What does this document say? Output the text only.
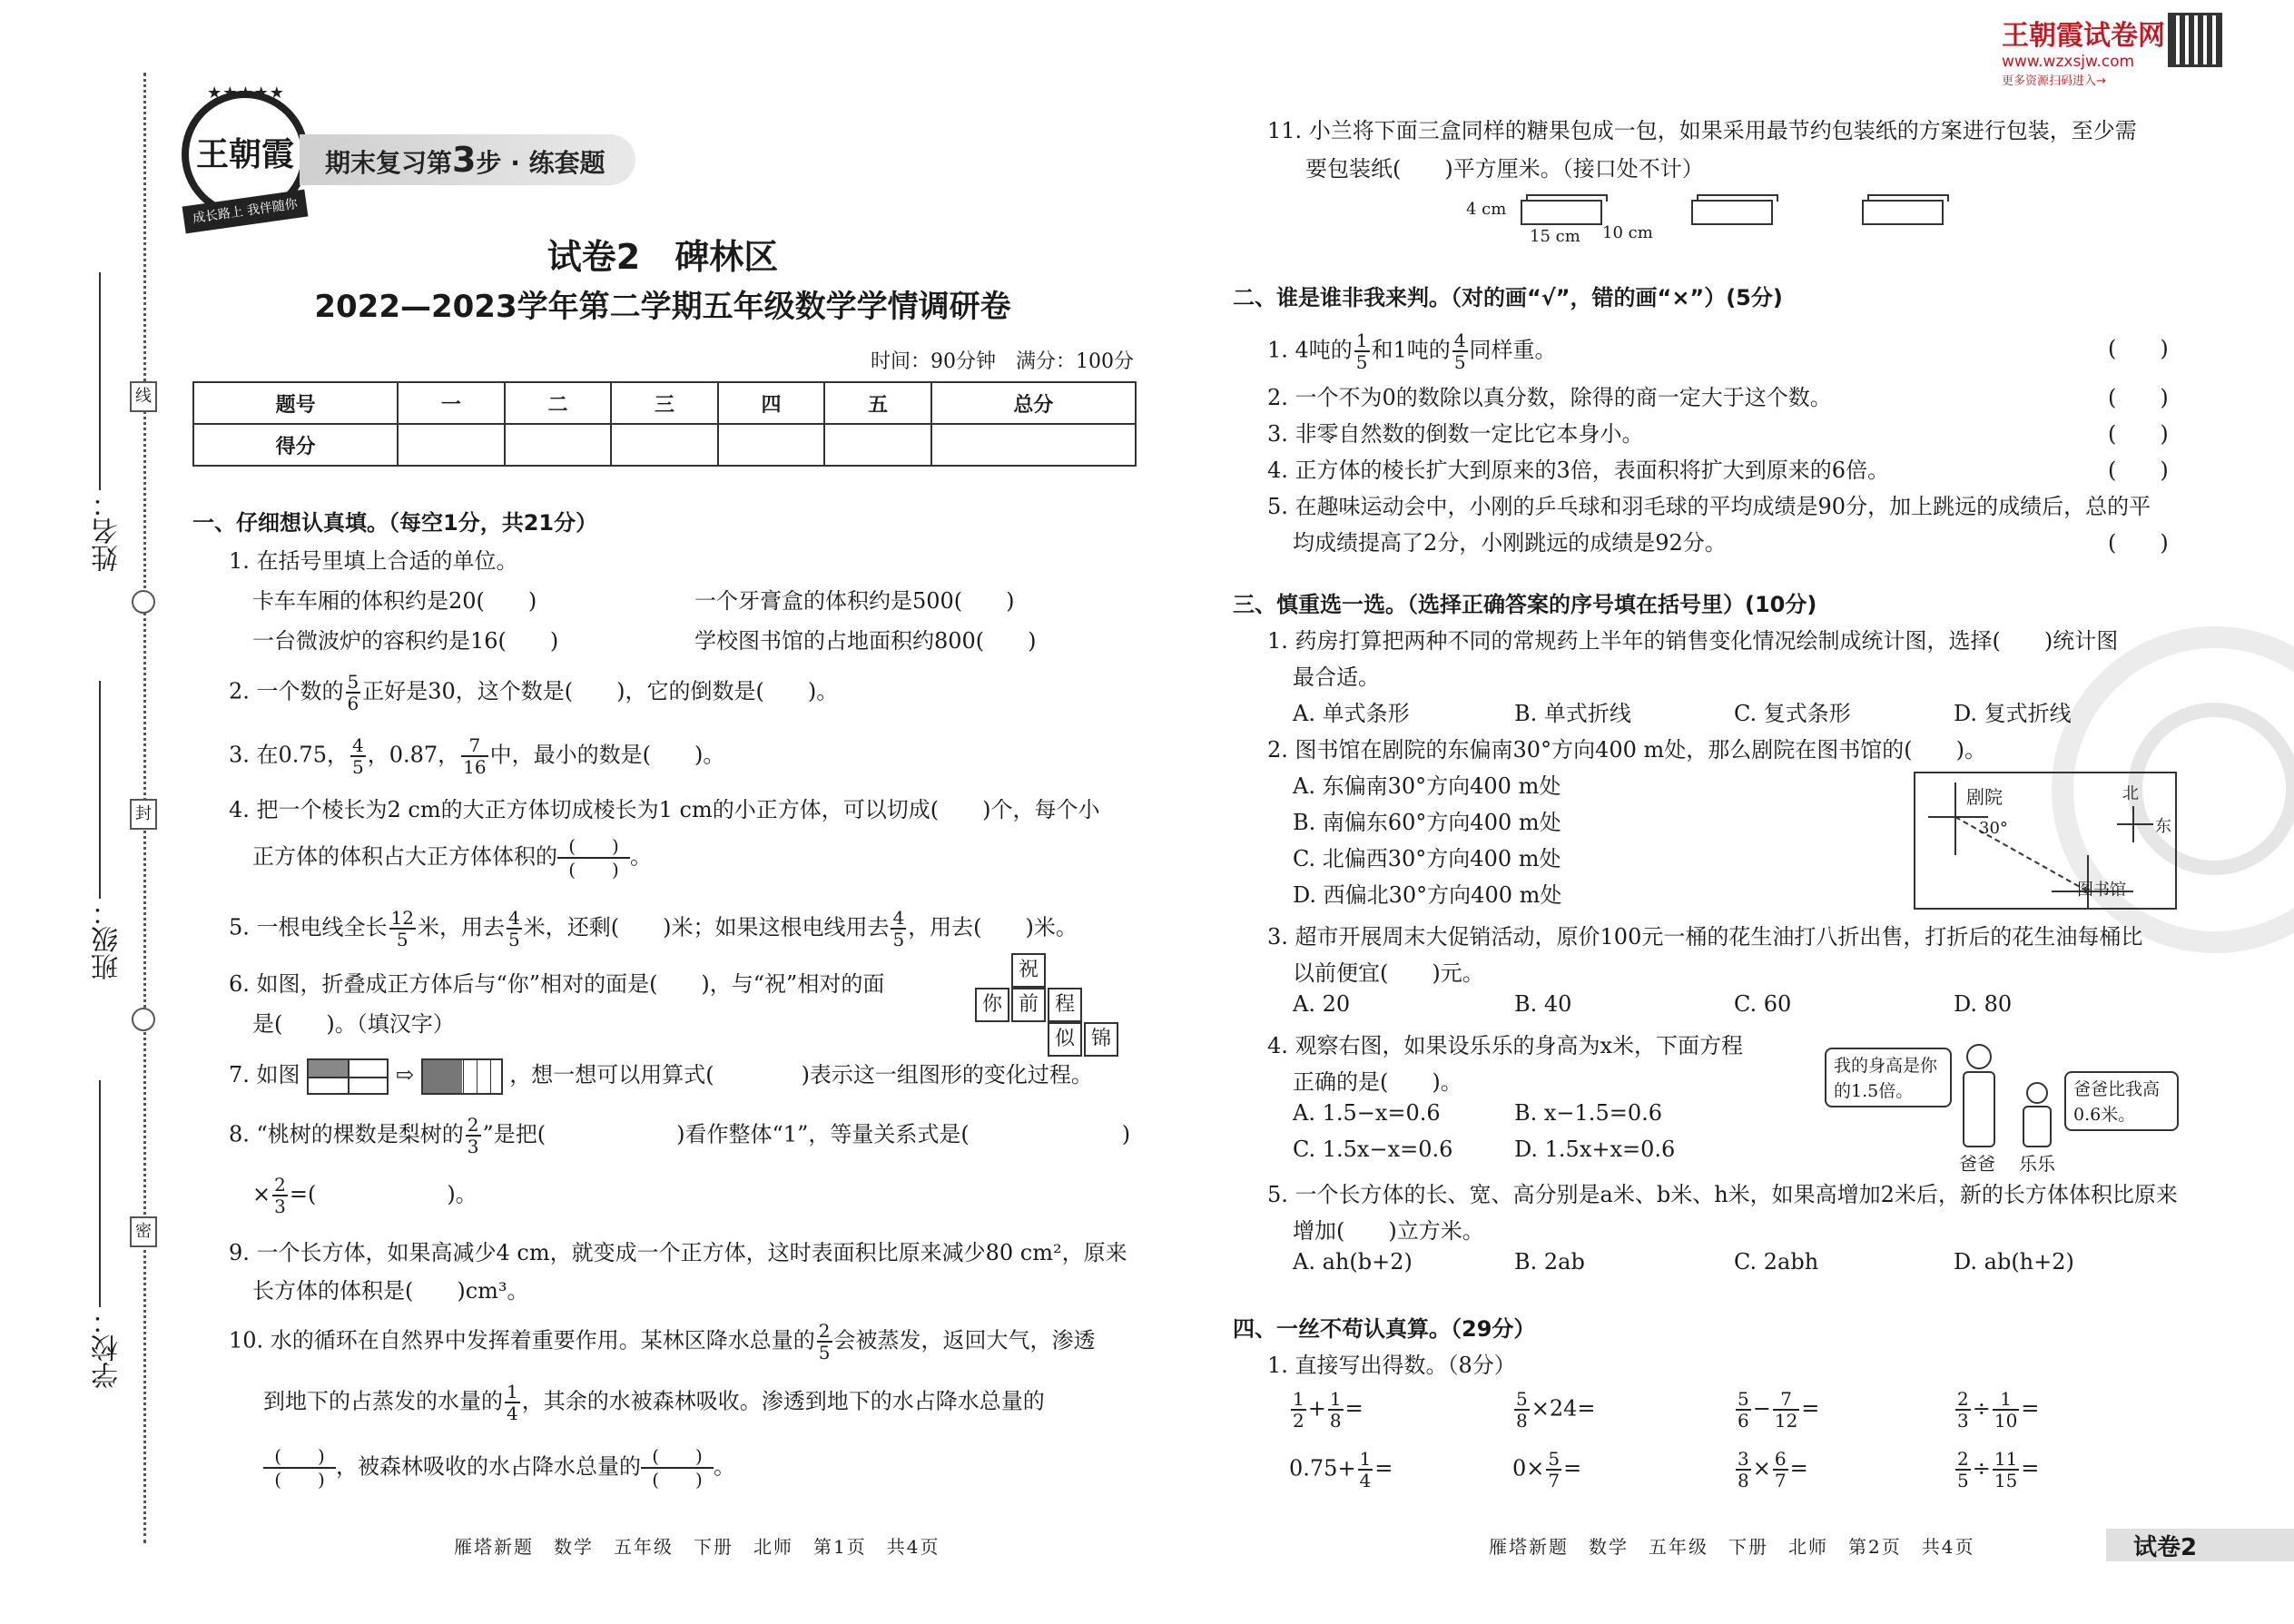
线
封
密
姓名：
班级：
学校：
★★★★★
王朝霞
成长路上 我伴随你
期末复习第3步 · 练套题
王朝霞试卷网
www.wzxsjw.com
更多资源扫码进入→
试卷2　碑林区
2022—2023学年第二学期五年级数学学情调研卷
时间：90分钟　满分：100分
题号	一	二	三	四	五	总分
得分						
一、仔细想认真填。（每空1分，共21分）
1. 在括号里填上合适的单位。
卡车车厢的体积约是20(　　)	一个牙膏盒的体积约是500(　　)
一台微波炉的容积约是16(　　)	学校图书馆的占地面积约800(　　)
2. 一个数的 $\frac{5}{6}$ 正好是30，这个数是(　　)，它的倒数是(　　)。
3. 在0.75， $\frac{4}{5}$ ，0.87， $\frac{7}{16}$ 中，最小的数是(　　)。
4. 把一个棱长为2 cm的大正方体切成棱长为1 cm的小正方体，可以切成(　　)个，每个小
正方体的体积占大正方体体积的 (　　)
(　　)。
5. 一根电线全长 $\frac{12}{5}$ 米，用去 $\frac{4}{5}$ 米，还剩(　　)米；如果这根电线用去 $\frac{4}{5}$ ，用去(　　)米。
6. 如图，折叠成正方体后与“你”相对的面是(　　)，与“祝”相对的面
是(　　)。（填汉字）
祝
你 前 程
似 锦
7. 如图	⇨	，想一想可以用算式(　　　　)表示这一组图形的变化过程。
8. “桃树的棵数是梨树的 $\frac{2}{3}$ ”是把(　　　　　　)看作整体“1”，等量关系式是(　　　　　　　)
× $\frac{2}{3}$ =(　　　　　　)。
9. 一个长方体，如果高减少4 cm，就变成一个正方体，这时表面积比原来减少80 cm²，原来
长方体的体积是(　　)cm³。
10. 水的循环在自然界中发挥着重要作用。某林区降水总量的 $\frac{2}{5}$ 会被蒸发，返回大气，渗透
到地下的占蒸发的水量的 $\frac{1}{4}$ ，其余的水被森林吸收。渗透到地下的水占降水总量的
(　　)
(　　)，被森林吸收的水占降水总量的 (　　)
(　　)。
雁塔新题　数学　五年级　下册　北师　第1页　共4页
11. 小兰将下面三盒同样的糖果包成一包，如果采用最节约包装纸的方案进行包装，至少需
要包装纸(　　)平方厘米。（接口处不计）
4 cm
15 cm 10 cm
二、谁是谁非我来判。（对的画“√”，错的画“×”）(5分)
1. 4吨的 $\frac{1}{5}$ 和1吨的 $\frac{4}{5}$ 同样重。	(　　)
2. 一个不为0的数除以真分数，除得的商一定大于这个数。	(　　)
3. 非零自然数的倒数一定比它本身小。	(　　)
4. 正方体的棱长扩大到原来的3倍，表面积将扩大到原来的6倍。	(　　)
5. 在趣味运动会中，小刚的乒乓球和羽毛球的平均成绩是90分，加上跳远的成绩后，总的平
均成绩提高了2分，小刚跳远的成绩是92分。	(　　)
三、慎重选一选。（选择正确答案的序号填在括号里）(10分)
1. 药房打算把两种不同的常规药上半年的销售变化情况绘制成统计图，选择(　　)统计图
最合适。
A. 单式条形	B. 单式折线	C. 复式条形	D. 复式折线
2. 图书馆在剧院的东偏南30°方向400 m处，那么剧院在图书馆的(　　)。
A. 东偏南30°方向400 m处
B. 南偏东60°方向400 m处
C. 北偏西30°方向400 m处
D. 西偏北30°方向400 m处
剧院
30°
北
东
图书馆
3. 超市开展周末大促销活动，原价100元一桶的花生油打八折出售，打折后的花生油每桶比
以前便宜(　　)元。
A. 20	B. 40	C. 60	D. 80
4. 观察右图，如果设乐乐的身高为x米，下面方程
正确的是(　　)。
A. 1.5−x=0.6	B. x−1.5=0.6
C. 1.5x−x=0.6	D. 1.5x+x=0.6
我的身高是你的1.5倍。	爸爸比我高0.6米。
爸爸 乐乐
5. 一个长方体的长、宽、高分别是a米、b米、h米，如果高增加2米后，新的长方体体积比原来
增加(　　)立方米。
A. ah(b+2)	B. 2ab	C. 2abh	D. ab(h+2)
四、一丝不苟认真算。（29分）
1. 直接写出得数。（8分）
$\frac{1}{2} + \frac{1}{8}$ =	$\frac{5}{8} \times 24=$	$\frac{5}{6} - \frac{7}{12}$ =	$\frac{2}{3} \div \frac{1}{10}$ =
$0.75+ \frac{1}{4}$ =	$0\times \frac{5}{7}$ =	$\frac{3}{8} \times \frac{6}{7}$ =	$\frac{2}{5} \div \frac{11}{15}$ =
雁塔新题　数学　五年级　下册　北师　第2页　共4页	试卷2
